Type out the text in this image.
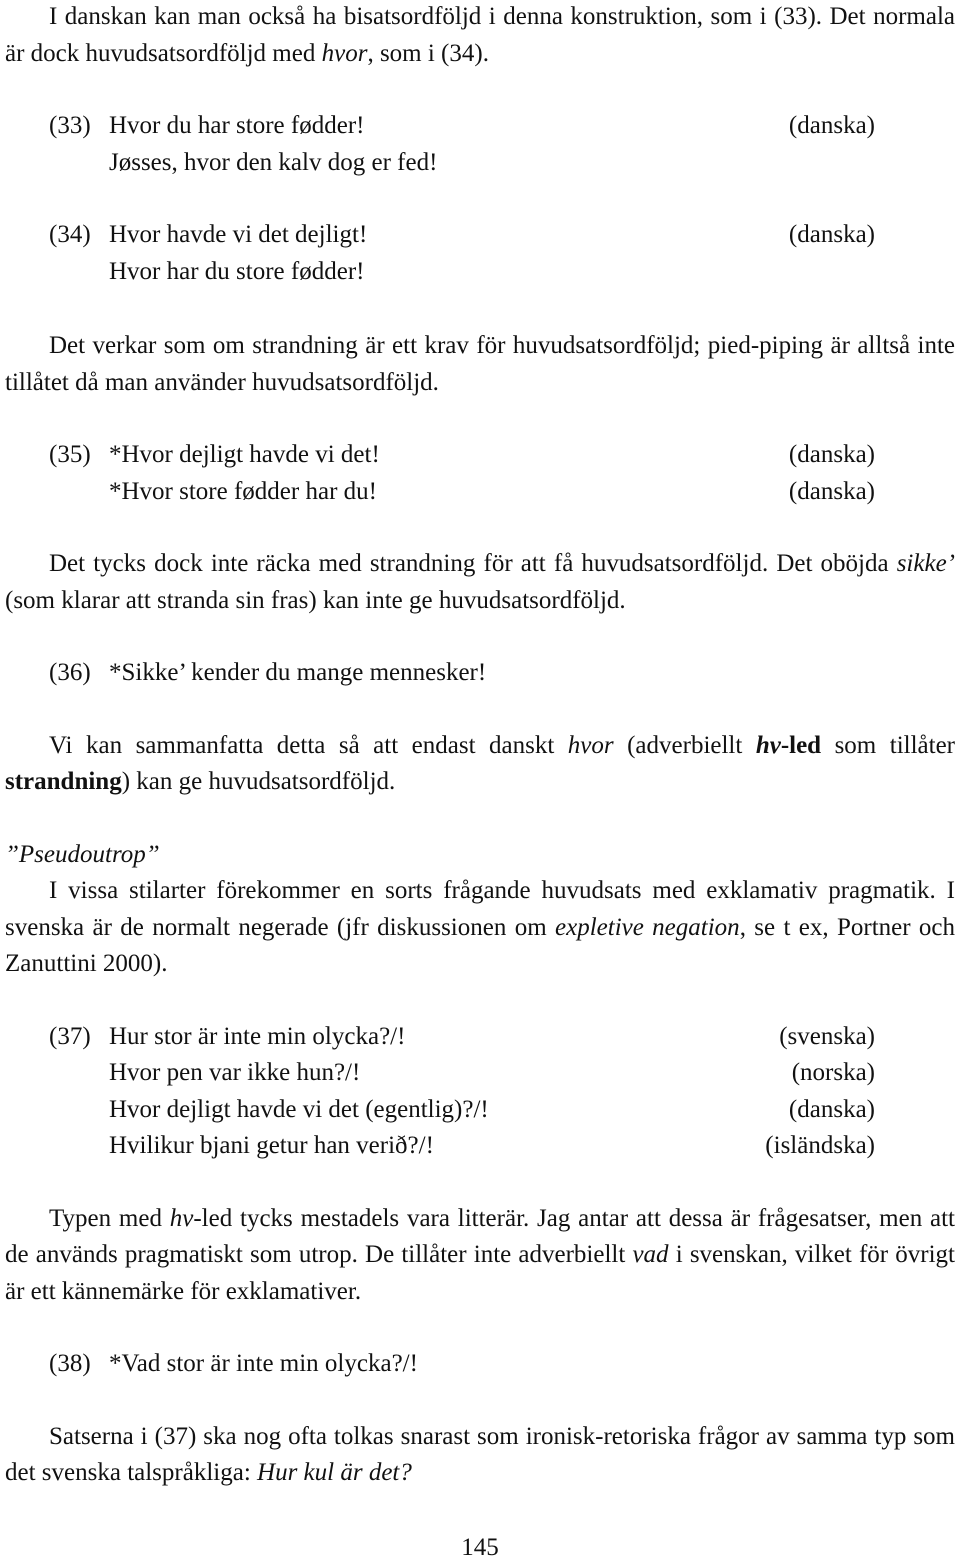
I danskan kan man också ha bisatsordföljd i denna konstruktion, som i (33). Det normala är dock huvudsatsordföljd med hvor, som i (34).

(33) Hvor du har store fødder!	(danska)
Jøsses, hvor den kalv dog er fed!
(34) Hvor havde vi det dejligt!	(danska)
Hvor har du store fødder!

Det verkar som om strandning är ett krav för huvudsatsordföljd; pied-piping är alltså inte tillåtet då man använder huvudsatsordföljd.

(35) *Hvor dejligt havde vi det!	(danska)
*Hvor store fødder har du!	(danska)

Det tycks dock inte räcka med strandning för att få huvudsatsordföljd. Det oböjda sikke’ (som klarar att stranda sin fras) kan inte ge huvudsatsordföljd.

(36) *Sikke’ kender du mange mennesker!

Vi kan sammanfatta detta så att endast danskt hvor (adverbiellt hv-led som tillåter strandning) kan ge huvudsatsordföljd.

”Pseudoutrop”

I vissa stilarter förekommer en sorts frågande huvudsats med exklamativ pragmatik. I svenska är de normalt negerade (jfr diskussionen om expletive negation, se t ex, Portner och Zanuttini 2000).

(37) Hur stor är inte min olycka?/!	(svenska)
Hvor pen var ikke hun?/!	(norska)
Hvor dejligt havde vi det (egentlig)?/!	(danska)
Hvilikur bjani getur han verið?/!	(isländska)

Typen med hv-led tycks mestadels vara litterär. Jag antar att dessa är frågesatser, men att de används pragmatiskt som utrop. De tillåter inte adverbiellt vad i svenskan, vilket för övrigt är ett kännemärke för exklamativer.

(38) *Vad stor är inte min olycka?/!

Satserna i (37) ska nog ofta tolkas snarast som ironisk-retoriska frågor av samma typ som det svenska talspråkliga: Hur kul är det?

145
